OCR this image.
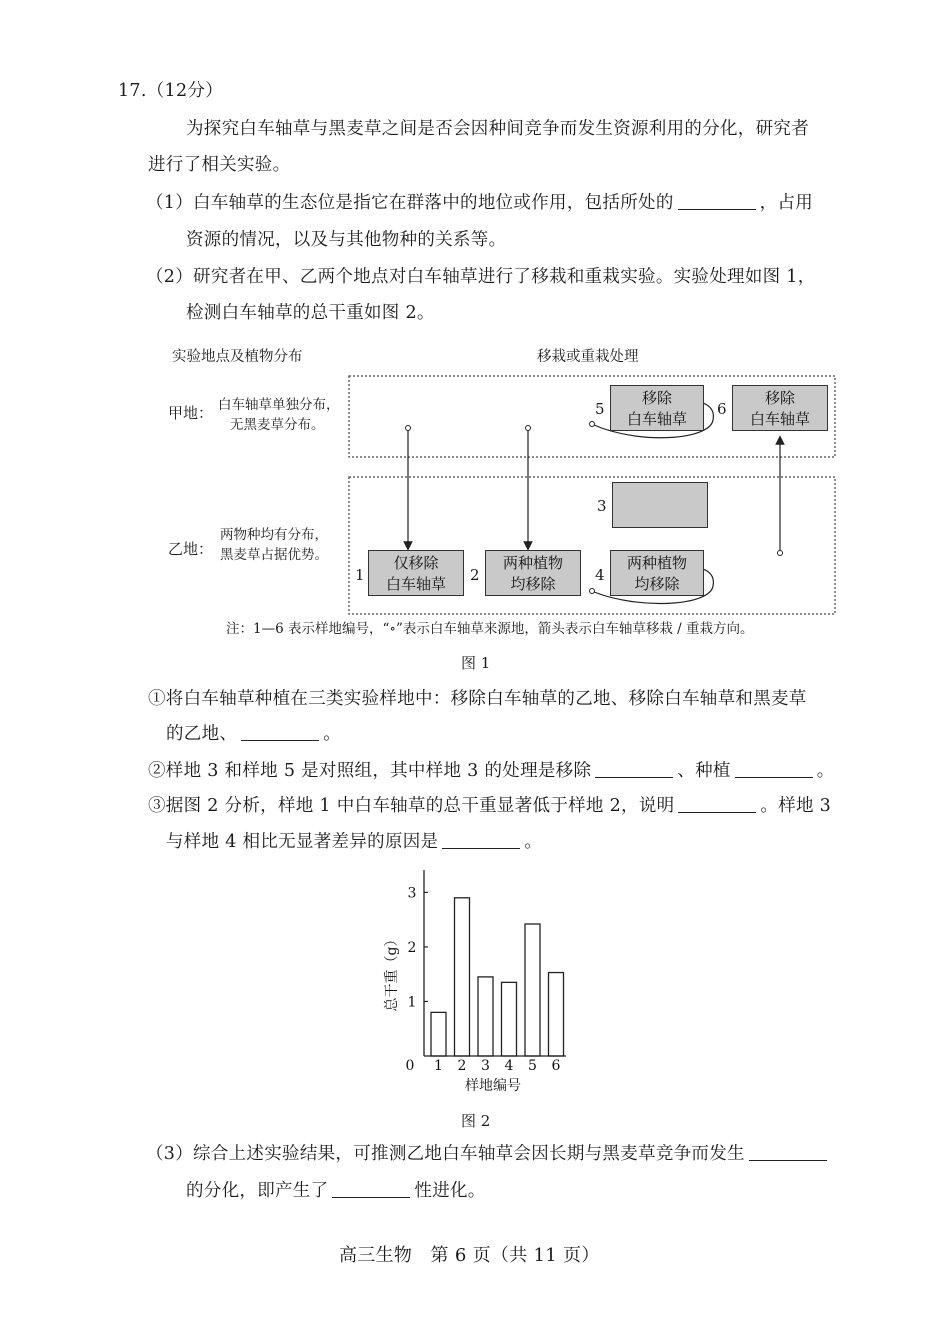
17.（12分）
为探究白车轴草与黑麦草之间是否会因种间竞争而发生资源利用的分化，研究者
进行了相关实验。
（1）白车轴草的生态位是指它在群落中的地位或作用，包括所处的	，占用
资源的情况，以及与其他物种的关系等。
（2）研究者在甲、乙两个地点对白车轴草进行了移栽和重栽实验。实验处理如图 1，
检测白车轴草的总干重如图 2。
实验地点及植物分布	移栽或重栽处理
甲地： 白车轴草单独分布，
无黑麦草分布。
乙地：
两物种均有分布，
黑麦草占据优势。
1
仅移除
白车轴草	2
两种植物
均移除
3
4
两种植物
均移除
5
移除
白车轴草
6
移除
白车轴草
注：1—6 表示样地编号，“∘”表示白车轴草来源地，箭头表示白车轴草移栽 / 重栽方向。
图 1
①将白车轴草种植在三类实验样地中：移除白车轴草的乙地、移除白车轴草和黑麦草
的乙地、	。
②样地 3 和样地 5 是对照组，其中样地 3 的处理是移除	、种植	。
③据图 2 分析，样地 1 中白车轴草的总干重显著低于样地 2，说明	。样地 3
与样地 4 相比无显著差异的原因是	。
0
1
2
3
1 2 3 4 5 6
样地编号
总干重（g）
图 2
（3）综合上述实验结果，可推测乙地白车轴草会因长期与黑麦草竞争而发生
的分化，即产生了	性进化。
高三生物　第 6 页（共 11 页）
